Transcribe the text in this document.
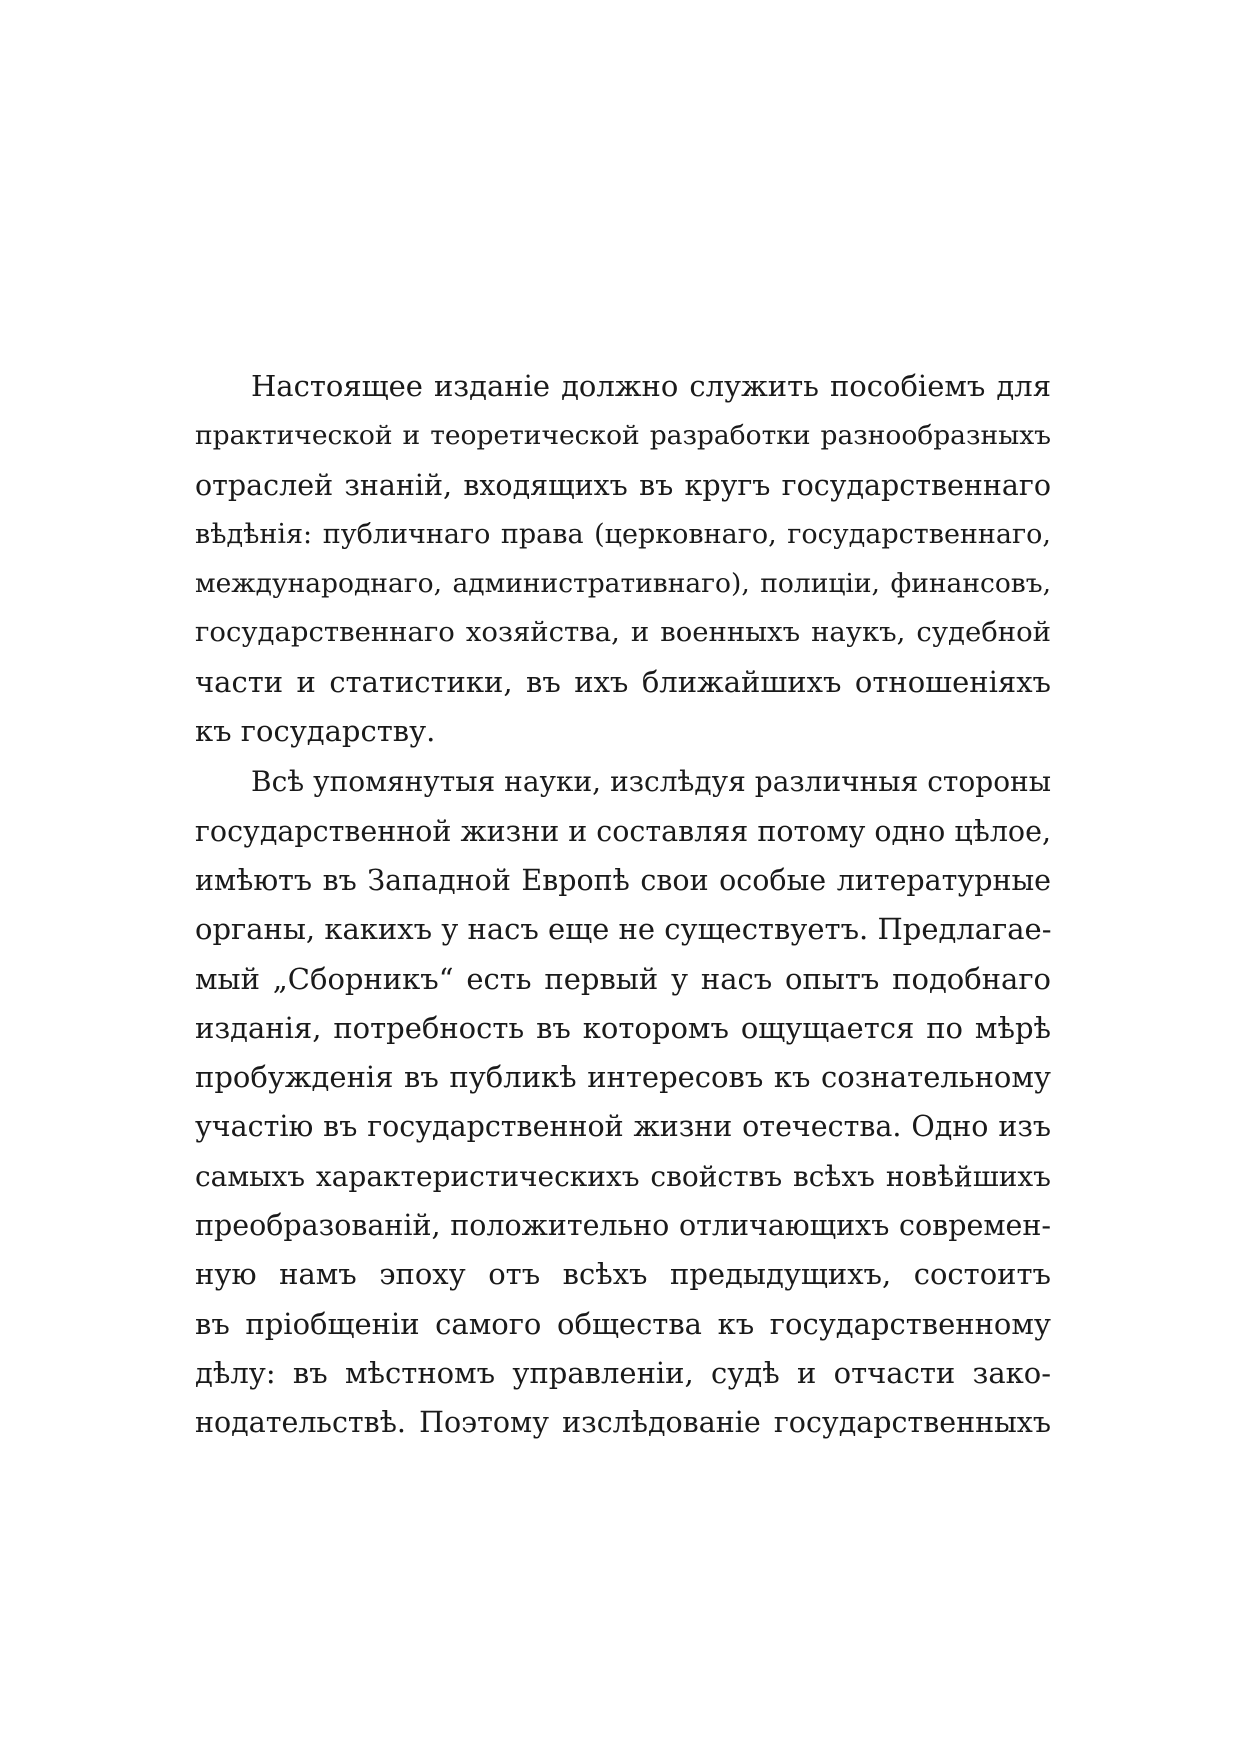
Настоящее изданіе должно служить пособіемъ для
практической и теоретической разработки разнообразныхъ
отраслей знаній, входящихъ въ кругъ государственнаго
вѣдѣнія: публичнаго права (церковнаго, государственнаго,
международнаго, административнаго), полиціи, финансовъ,
государственнаго хозяйства, и военныхъ наукъ, судебной
части и статистики, въ ихъ ближайшихъ отношеніяхъ
къ государству.
Всѣ упомянутыя науки, изслѣдуя различныя стороны
государственной жизни и составляя потому одно цѣлое,
имѣютъ въ Западной Европѣ свои особые литературные
органы, какихъ у насъ еще не существуетъ. Предлагае-
мый „Сборникъ“ есть первый у насъ опытъ подобнаго
изданія, потребность въ которомъ ощущается по мѣрѣ
пробужденія въ публикѣ интересовъ къ сознательному
участію въ государственной жизни отечества. Одно изъ
самыхъ характеристическихъ свойствъ всѣхъ новѣйшихъ
преобразованій, положительно отличающихъ современ-
ную намъ эпоху отъ всѣхъ предыдущихъ, состоитъ
въ пріобщеніи самого общества къ государственному
дѣлу: въ мѣстномъ управленіи, судѣ и отчасти зако-
нодательствѣ. Поэтому изслѣдованіе государственныхъ
